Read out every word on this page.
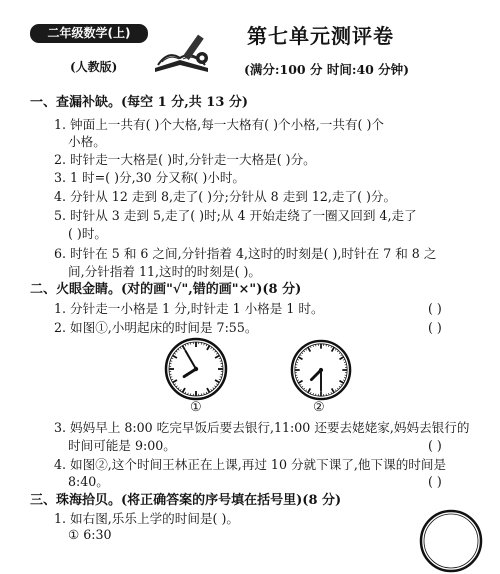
二年级数学(上)
(人教版)
第七单元测评卷
(满分:100 分 时间:40 分钟)
一、查漏补缺。(每空 1 分,共 13 分)
1. 钟面上一共有( )个大格,每一大格有( )个小格,一共有( )个
小格。
2. 时针走一大格是( )时,分针走一大格是( )分。
3. 1 时=( )分,30 分又称( )小时。
4. 分针从 12 走到 8,走了( )分;分针从 8 走到 12,走了( )分。
5. 时针从 3 走到 5,走了( )时;从 4 开始走绕了一圈又回到 4,走了
( )时。
6. 时针在 5 和 6 之间,分针指着 4,这时的时刻是( ),时针在 7 和 8 之
间,分针指着 11,这时的时刻是( )。
二、火眼金睛。(对的画"√",错的画"×")(8 分)
1. 分针走一小格是 1 分,时针走 1 小格是 1 时。	( )
2. 如图①,小明起床的时间是 7:55。	( )
①	②
3. 妈妈早上 8:00 吃完早饭后要去银行,11:00 还要去姥姥家,妈妈去银行的
时间可能是 9:00。	( )
4. 如图②,这个时间王林正在上课,再过 10 分就下课了,他下课的时间是
8:40。	( )
三、珠海拾贝。(将正确答案的序号填在括号里)(8 分)
1. 如右图,乐乐上学的时间是( )。
① 6:30
